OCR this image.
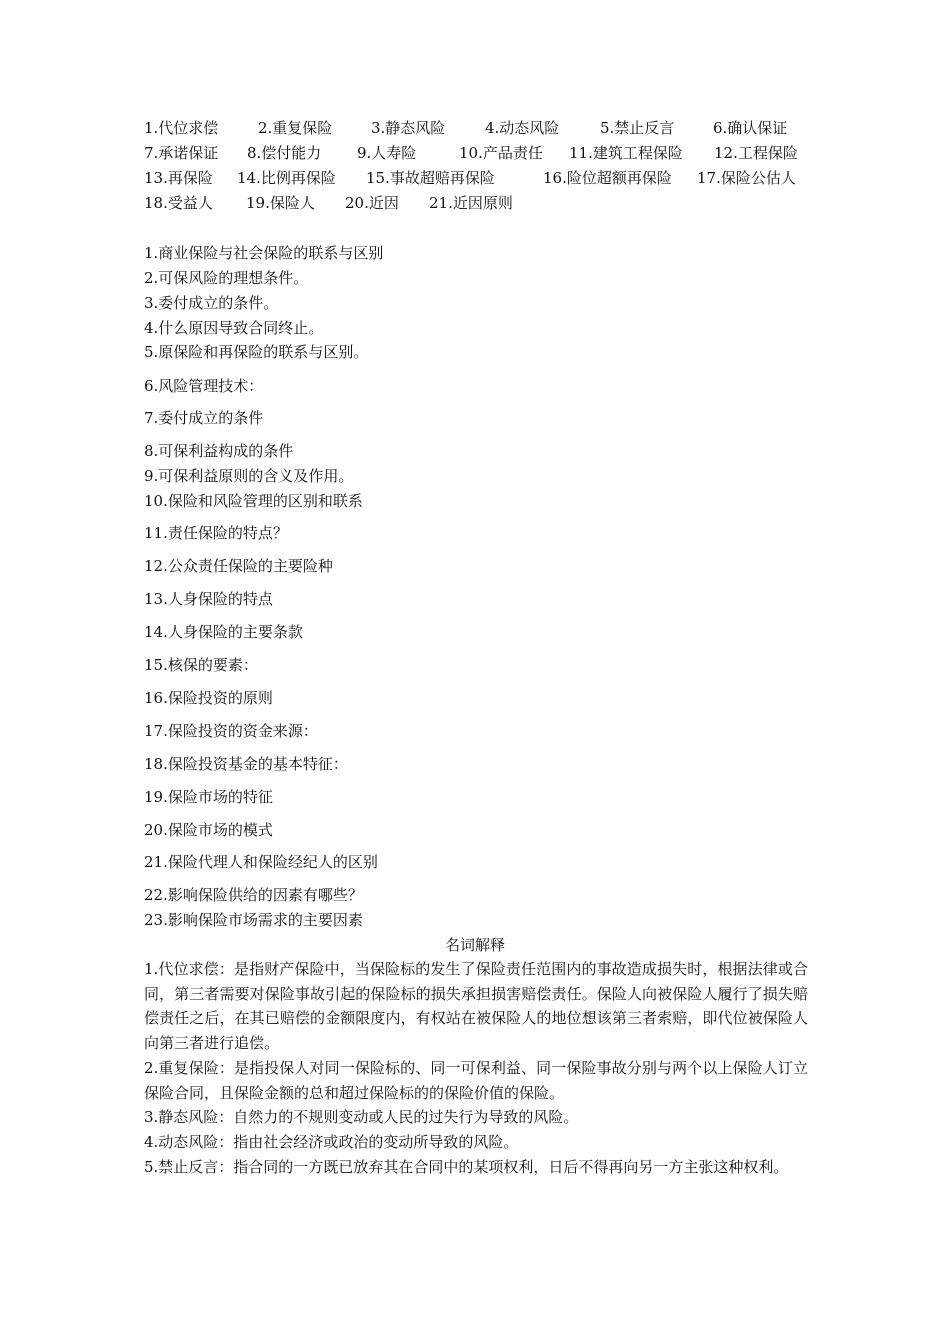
1.代位求偿	2.重复保险	3.静态风险	4.动态风险	5.禁止反言	6.确认保证
7.承诺保证 8.偿付能力 9.人寿险	10.产品责任 11.建筑工程保险 12.工程保险
13.再保险 14.比例再保险 15.事故超赔再保险	16.险位超额再保险 17.保险公估人
18.受益人 19.保险人 20.近因 21.近因原则
1.商业保险与社会保险的联系与区别
2.可保风险的理想条件。
3.委付成立的条件。
4.什么原因导致合同终止。
5.原保险和再保险的联系与区别。
6.风险管理技术：
7.委付成立的条件
8.可保利益构成的条件
9.可保利益原则的含义及作用。
10.保险和风险管理的区别和联系
11.责任保险的特点？
12.公众责任保险的主要险种
13.人身保险的特点
14.人身保险的主要条款
15.核保的要素：
16.保险投资的原则
17.保险投资的资金来源：
18.保险投资基金的基本特征：
19.保险市场的特征
20.保险市场的模式
21.保险代理人和保险经纪人的区别
22.影响保险供给的因素有哪些？
23.影响保险市场需求的主要因素
名词解释
1.代位求偿：是指财产保险中，当保险标的发生了保险责任范围内的事故造成损失时，根据法律或合同，第三者需要对保险事故引起的保险标的损失承担损害赔偿责任。保险人向被保险人履行了损失赔偿责任之后，在其已赔偿的金额限度内，有权站在被保险人的地位想该第三者索赔，即代位被保险人向第三者进行追偿。
2.重复保险：是指投保人对同一保险标的、同一可保利益、同一保险事故分别与两个以上保险人订立保险合同，且保险金额的总和超过保险标的的保险价值的保险。
3.静态风险：自然力的不规则变动或人民的过失行为导致的风险。
4.动态风险：指由社会经济或政治的变动所导致的风险。
5.禁止反言：指合同的一方既已放弃其在合同中的某项权利，日后不得再向另一方主张这种权利。
